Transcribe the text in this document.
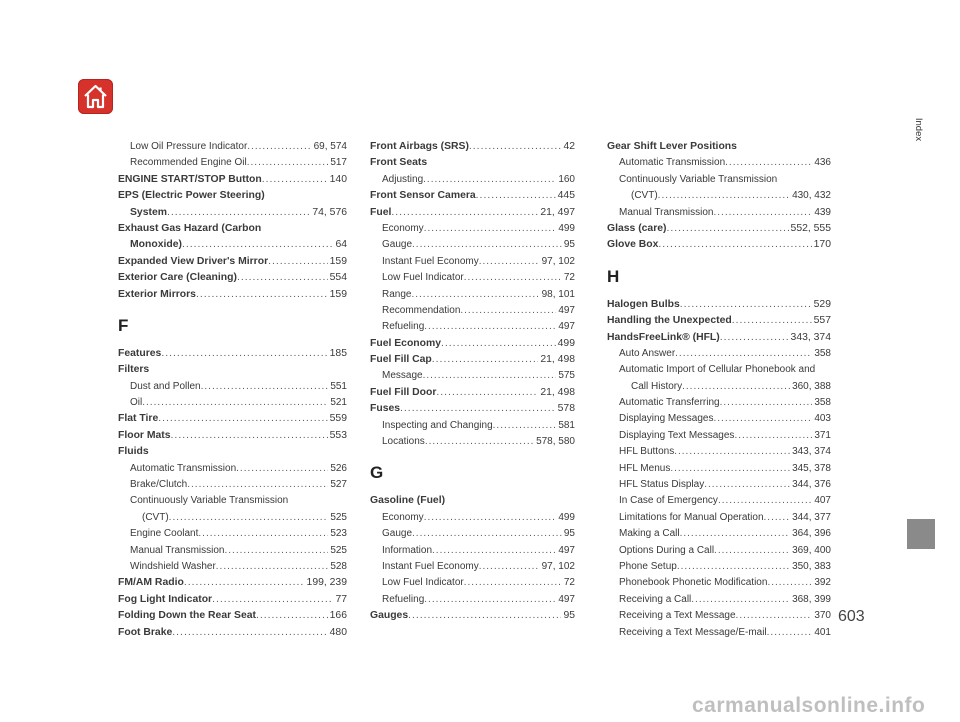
Low Oil Pressure Indicator .....	69, 574
Recommended Engine Oil .....	517
ENGINE START/STOP Button .....	140
EPS (Electric Power Steering)
System .....	74, 576
Exhaust Gas Hazard (Carbon
Monoxide) .....	64
Expanded View Driver's Mirror .....	159
Exterior Care (Cleaning) .....	554
Exterior Mirrors .....	159
F
Features .....	185
Filters
Dust and Pollen .....	551
Oil .....	521
Flat Tire .....	559
Floor Mats .....	553
Fluids
Automatic Transmission .....	526
Brake/Clutch .....	527
Continuously Variable Transmission
(CVT) .....	525
Engine Coolant .....	523
Manual Transmission .....	525
Windshield Washer .....	528
FM/AM Radio .....	199, 239
Fog Light Indicator .....	77
Folding Down the Rear Seat .....	166
Foot Brake .....	480
Front Airbags (SRS) .....	42
Front Seats
Adjusting .....	160
Front Sensor Camera .....	445
Fuel .....	21, 497
Economy .....	499
Gauge .....	95
Instant Fuel Economy .....	97, 102
Low Fuel Indicator .....	72
Range .....	98, 101
Recommendation .....	497
Refueling .....	497
Fuel Economy .....	499
Fuel Fill Cap .....	21, 498
Message .....	575
Fuel Fill Door .....	21, 498
Fuses .....	578
Inspecting and Changing .....	581
Locations .....	578, 580
G
Gasoline (Fuel)
Economy .....	499
Gauge .....	95
Information .....	497
Instant Fuel Economy .....	97, 102
Low Fuel Indicator .....	72
Refueling .....	497
Gauges .....	95
Gear Shift Lever Positions
Automatic Transmission .....	436
Continuously Variable Transmission
(CVT) .....	430, 432
Manual Transmission .....	439
Glass (care) .....	552, 555
Glove Box .....	170
H
Halogen Bulbs .....	529
Handling the Unexpected .....	557
HandsFreeLink® (HFL) .....	343, 374
Auto Answer .....	358
Automatic Import of Cellular Phonebook and
Call History .....	360, 388
Automatic Transferring .....	358
Displaying Messages .....	403
Displaying Text Messages .....	371
HFL Buttons .....	343, 374
HFL Menus .....	345, 378
HFL Status Display .....	344, 376
In Case of Emergency .....	407
Limitations for Manual Operation .....	344, 377
Making a Call .....	364, 396
Options During a Call .....	369, 400
Phone Setup .....	350, 383
Phonebook Phonetic Modification .....	392
Receiving a Call .....	368, 399
Receiving a Text Message .....	370
Receiving a Text Message/E-mail .....	401
Index
603
carmanualsonline.info
